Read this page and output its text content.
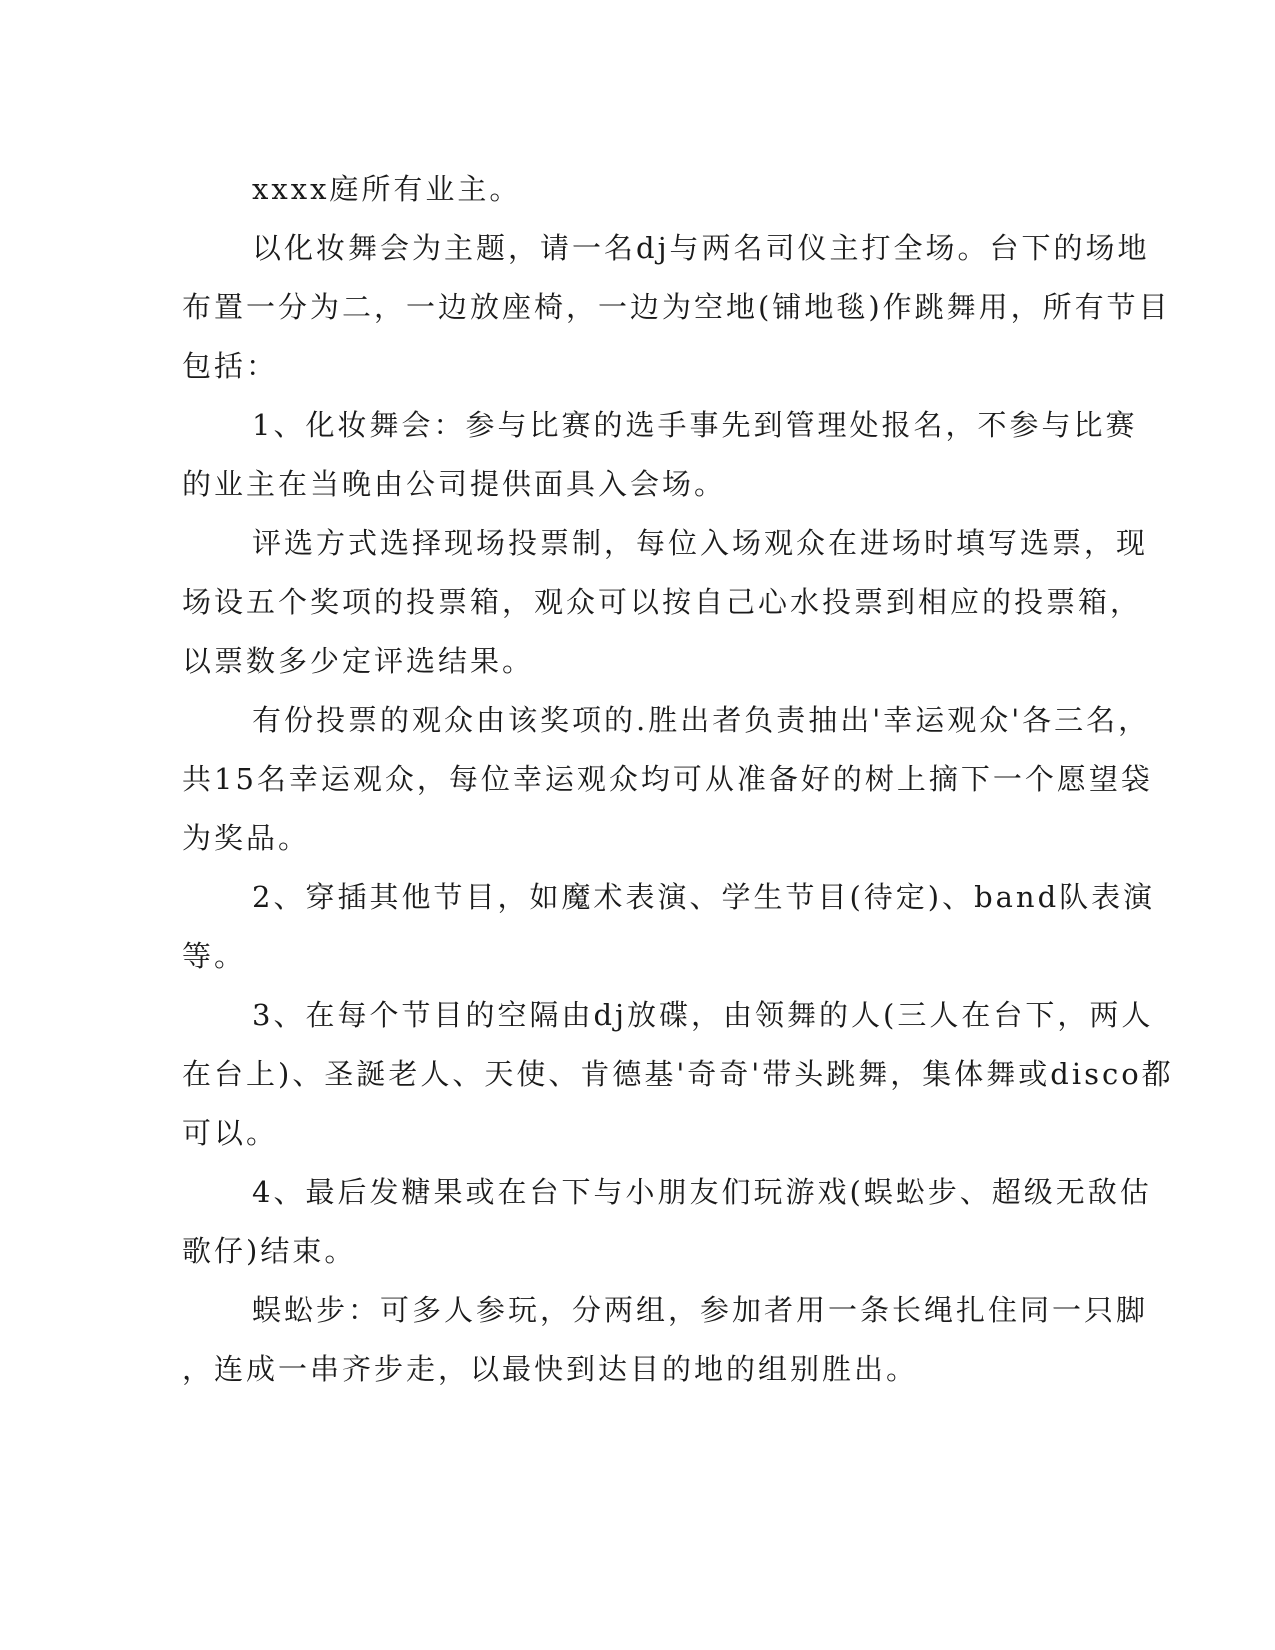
xxxx庭所有业主。
以化妆舞会为主题，请一名dj与两名司仪主打全场。台下的场地
布置一分为二，一边放座椅，一边为空地(铺地毯)作跳舞用，所有节目
包括：
1、化妆舞会：参与比赛的选手事先到管理处报名，不参与比赛
的业主在当晚由公司提供面具入会场。
评选方式选择现场投票制，每位入场观众在进场时填写选票，现
场设五个奖项的投票箱，观众可以按自己心水投票到相应的投票箱，
以票数多少定评选结果。
有份投票的观众由该奖项的.胜出者负责抽出'幸运观众'各三名，
共15名幸运观众，每位幸运观众均可从准备好的树上摘下一个愿望袋
为奖品。
2、穿插其他节目，如魔术表演、学生节目(待定)、band队表演
等。
3、在每个节目的空隔由dj放碟，由领舞的人(三人在台下，两人
在台上)、圣誕老人、天使、肯德基'奇奇'带头跳舞，集体舞或disco都
可以。
4、最后发糖果或在台下与小朋友们玩游戏(蜈蚣步、超级无敌估
歌仔)结束。
蜈蚣步：可多人参玩，分两组，参加者用一条长绳扎住同一只脚
，连成一串齐步走，以最快到达目的地的组别胜出。
